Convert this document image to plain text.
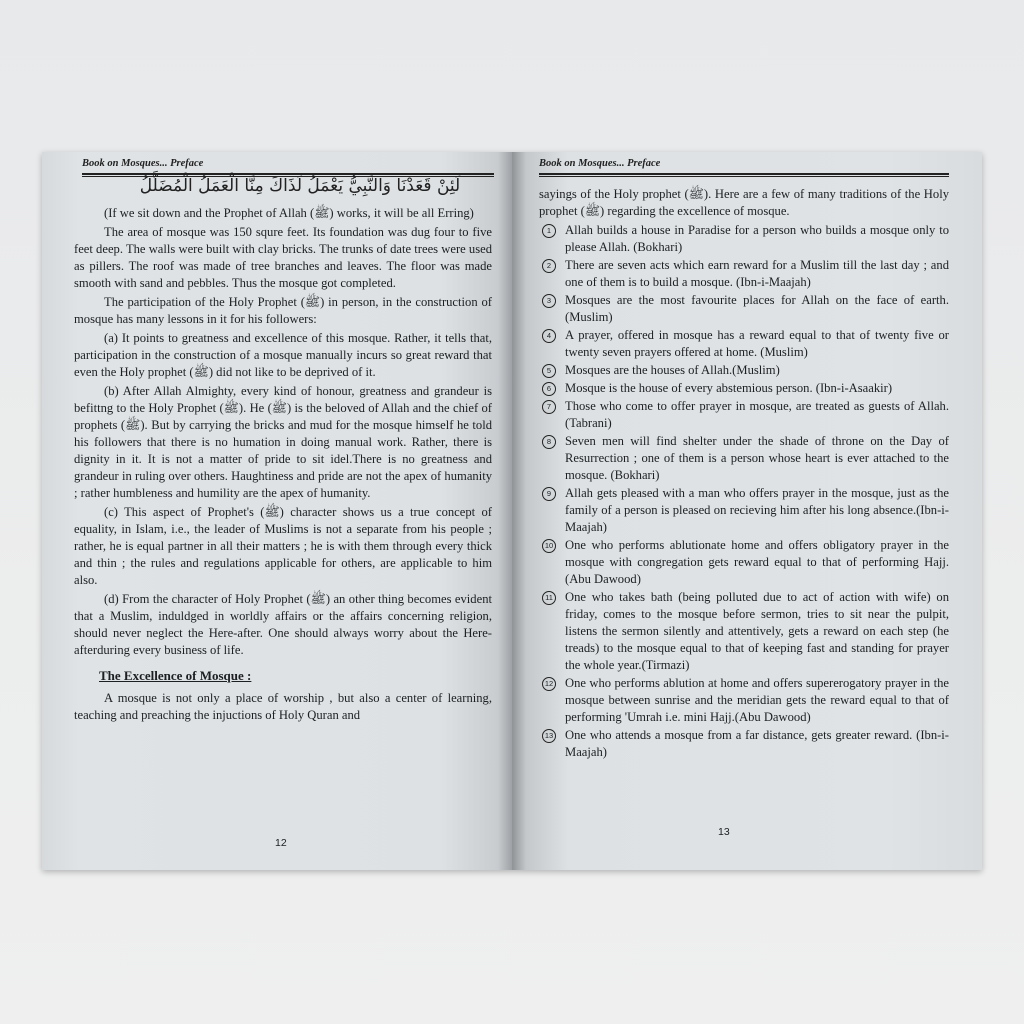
Book on Mosques... Preface
لَئِنْ قَعَدْنَا وَالنَّبِيُّ يَعْمَلُ لَذَاكَ مِنَّا الْعَمَلُ الْمُضَلَّلُ

(If we sit down and the Prophet of Allah (ﷺ) works, it will be all Erring)

The area of mosque was 150 squre feet. Its foundation was dug four to five feet deep. The walls were built with clay bricks. The trunks of date trees were used as pillers. The roof was made of tree branches and leaves. The floor was made smooth with sand and pebbles. Thus the mosque got completed.

The participation of the Holy Prophet (ﷺ) in person, in the construction of mosque has many lessons in it for his followers:

(a) It points to greatness and excellence of this mosque. Rather, it tells that, participation in the construction of a mosque manually incurs so great reward that even the Holy prophet (ﷺ) did not like to be deprived of it.

(b) After Allah Almighty, every kind of honour, greatness and grandeur is befittng to the Holy Prophet (ﷺ). He (ﷺ) is the beloved of Allah and the chief of prophets (ﷺ). But by carrying the bricks and mud for the mosque himself he told his followers that there is no humation in doing manual work. Rather, there is dignity in it. It is not a matter of pride to sit idel.There is no greatness and grandeur in ruling over others. Haughtiness and pride are not the apex of humanity ; rather humbleness and humility are the apex of humanity.

(c) This aspect of Prophet's (ﷺ) character shows us a true concept of equality, in Islam, i.e., the leader of Muslims is not a separate from his people ; rather, he is equal partner in all their matters ; he is with them through every thick and thin ; the rules and regulations applicable for others, are applicable to him also.

(d) From the character of Holy Prophet (ﷺ) an other thing becomes evident that a Muslim, induldged in worldly affairs or the affairs concerning religion, should never neglect the Here-after. One should always worry about the Here-afterduring every business of life.

The Excellence of Mosque :

A mosque is not only a place of worship , but also a center of learning, teaching and preaching the injuctions of Holy Quran and

12
Book on Mosques... Preface

sayings of the Holy prophet (ﷺ). Here are a few of many traditions of the Holy prophet (ﷺ) regarding the excellence of mosque.

1	Allah builds a house in Paradise for a person who builds a mosque only to please Allah. (Bokhari)
2	There are seven acts which earn reward for a Muslim till the last day ; and one of them is to build a mosque. (Ibn-i-Maajah)
3	Mosques are the most favourite places for Allah on the face of earth. (Muslim)
4	A prayer, offered in mosque has a reward equal to that of twenty five or twenty seven prayers offered at home. (Muslim)
5	Mosques are the houses of Allah.(Muslim)
6	Mosque is the house of every abstemious person. (Ibn-i-Asaakir)
7	Those who come to offer prayer in mosque, are treated as guests of Allah. (Tabrani)
8	Seven men will find shelter under the shade of throne on the Day of Resurrection ; one of them is a person whose heart is ever attached to the mosque. (Bokhari)
9	Allah gets pleased with a man who offers prayer in the mosque, just as the family of a person is pleased on recieving him after his long absence.(Ibn-i-Maajah)
10 One who performs ablutionate home and offers obligatory prayer in the mosque with congregation gets reward equal to that of performing Hajj. (Abu Dawood)
11 One who takes bath (being polluted due to act of action with wife) on friday, comes to the mosque before sermon, tries to sit near the pulpit, listens the sermon silently and attentively, gets a reward on each step (he treads) to the mosque equal to that of keeping fast and standing for prayer the whole year.(Tirmazi)
12 One who performs ablution at home and offers supererogatory prayer in the mosque between sunrise and the meridian gets the reward equal to that of performing 'Umrah i.e. mini Hajj.(Abu Dawood)
13 One who attends a mosque from a far distance, gets greater reward. (Ibn-i-Maajah)
13
